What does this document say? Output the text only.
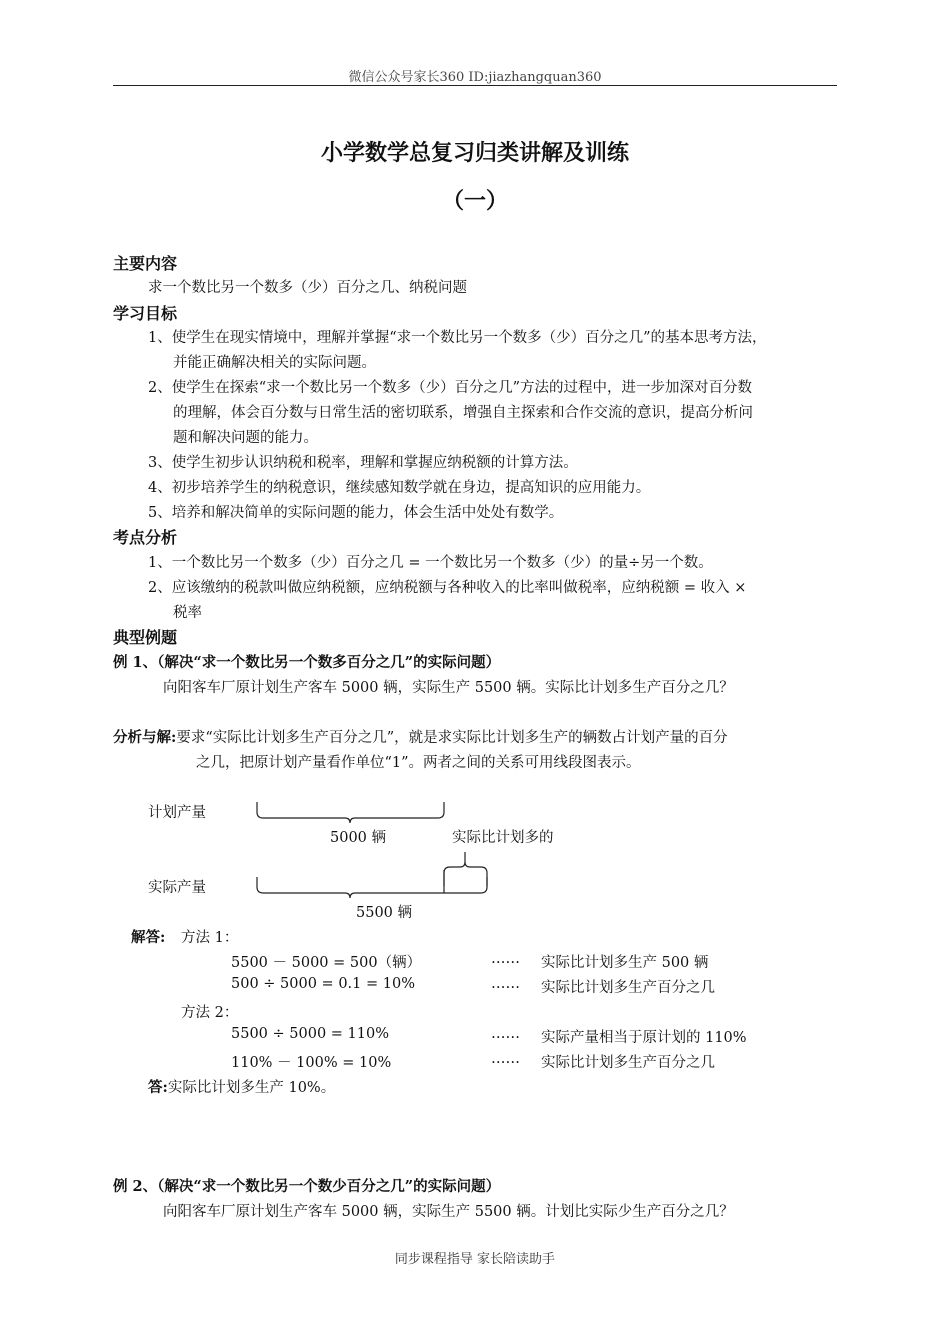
微信公众号家长360 ID:jiazhangquan360
小学数学总复习归类讲解及训练
（一）
主要内容
求一个数比另一个数多（少）百分之几、纳税问题
学习目标
1、使学生在现实情境中，理解并掌握“求一个数比另一个数多（少）百分之几”的基本思考方法，
并能正确解决相关的实际问题。
2、使学生在探索“求一个数比另一个数多（少）百分之几”方法的过程中，进一步加深对百分数
的理解，体会百分数与日常生活的密切联系，增强自主探索和合作交流的意识，提高分析问
题和解决问题的能力。
3、使学生初步认识纳税和税率，理解和掌握应纳税额的计算方法。
4、初步培养学生的纳税意识，继续感知数学就在身边，提高知识的应用能力。
5、培养和解决简单的实际问题的能力，体会生活中处处有数学。
考点分析
1、一个数比另一个数多（少）百分之几 = 一个数比另一个数多（少）的量÷另一个数。
2、应该缴纳的税款叫做应纳税额，应纳税额与各种收入的比率叫做税率，应纳税额 = 收入 ×
税率
典型例题
例 1、（解决“求一个数比另一个数多百分之几”的实际问题）
向阳客车厂原计划生产客车 5000 辆，实际生产 5500 辆。实际比计划多生产百分之几？
分析与解:要求“实际比计划多生产百分之几”，就是求实际比计划多生产的辆数占计划产量的百分
之几，把原计划产量看作单位“1”。两者之间的关系可用线段图表示。
计划产量
5000 辆	实际比计划多的
实际产量
5500 辆
解答: 方法 1：
5500 － 5000 = 500（辆）	…… 实际比计划多生产 500 辆
500 ÷ 5000 = 0.1 = 10%	…… 实际比计划多生产百分之几
方法 2：
5500 ÷ 5000 = 110%	…… 实际产量相当于原计划的 110%
110% － 100% = 10%	…… 实际比计划多生产百分之几
答:实际比计划多生产 10%。
例 2、（解决“求一个数比另一个数少百分之几”的实际问题）
向阳客车厂原计划生产客车 5000 辆，实际生产 5500 辆。计划比实际少生产百分之几？
同步课程指导 家长陪读助手
